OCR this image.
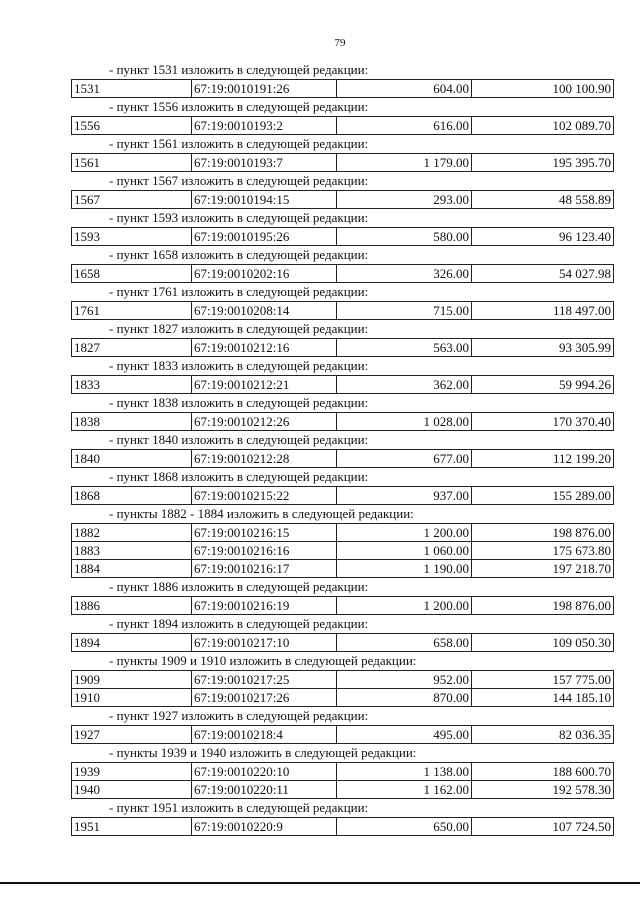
79
- пункт 1531 изложить в следующей редакции:
1531	67:19:0010191:26	604.00	100 100.90
- пункт 1556 изложить в следующей редакции:
1556	67:19:0010193:2	616.00	102 089.70
- пункт 1561 изложить в следующей редакции:
1561	67:19:0010193:7	1 179.00	195 395.70
- пункт 1567 изложить в следующей редакции:
1567	67:19:0010194:15	293.00	48 558.89
- пункт 1593 изложить в следующей редакции:
1593	67:19:0010195:26	580.00	96 123.40
- пункт 1658 изложить в следующей редакции:
1658	67:19:0010202:16	326.00	54 027.98
- пункт 1761 изложить в следующей редакции:
1761	67:19:0010208:14	715.00	118 497.00
- пункт 1827 изложить в следующей редакции:
1827	67:19:0010212:16	563.00	93 305.99
- пункт 1833 изложить в следующей редакции:
1833	67:19:0010212:21	362.00	59 994.26
- пункт 1838 изложить в следующей редакции:
1838	67:19:0010212:26	1 028.00	170 370.40
- пункт 1840 изложить в следующей редакции:
1840	67:19:0010212:28	677.00	112 199.20
- пункт 1868 изложить в следующей редакции:
1868	67:19:0010215:22	937.00	155 289.00
- пункты 1882 - 1884 изложить в следующей редакции:
1882	67:19:0010216:15	1 200.00	198 876.00
1883	67:19:0010216:16	1 060.00	175 673.80
1884	67:19:0010216:17	1 190.00	197 218.70
- пункт 1886 изложить в следующей редакции:
1886	67:19:0010216:19	1 200.00	198 876.00
- пункт 1894 изложить в следующей редакции:
1894	67:19:0010217:10	658.00	109 050.30
- пункты 1909 и 1910 изложить в следующей редакции:
1909	67:19:0010217:25	952.00	157 775.00
1910	67:19:0010217:26	870.00	144 185.10
- пункт 1927 изложить в следующей редакции:
1927	67:19:0010218:4	495.00	82 036.35
- пункты 1939 и 1940 изложить в следующей редакции:
1939	67:19:0010220:10	1 138.00	188 600.70
1940	67:19:0010220:11	1 162.00	192 578.30
- пункт 1951 изложить в следующей редакции:
1951	67:19:0010220:9	650.00	107 724.50
